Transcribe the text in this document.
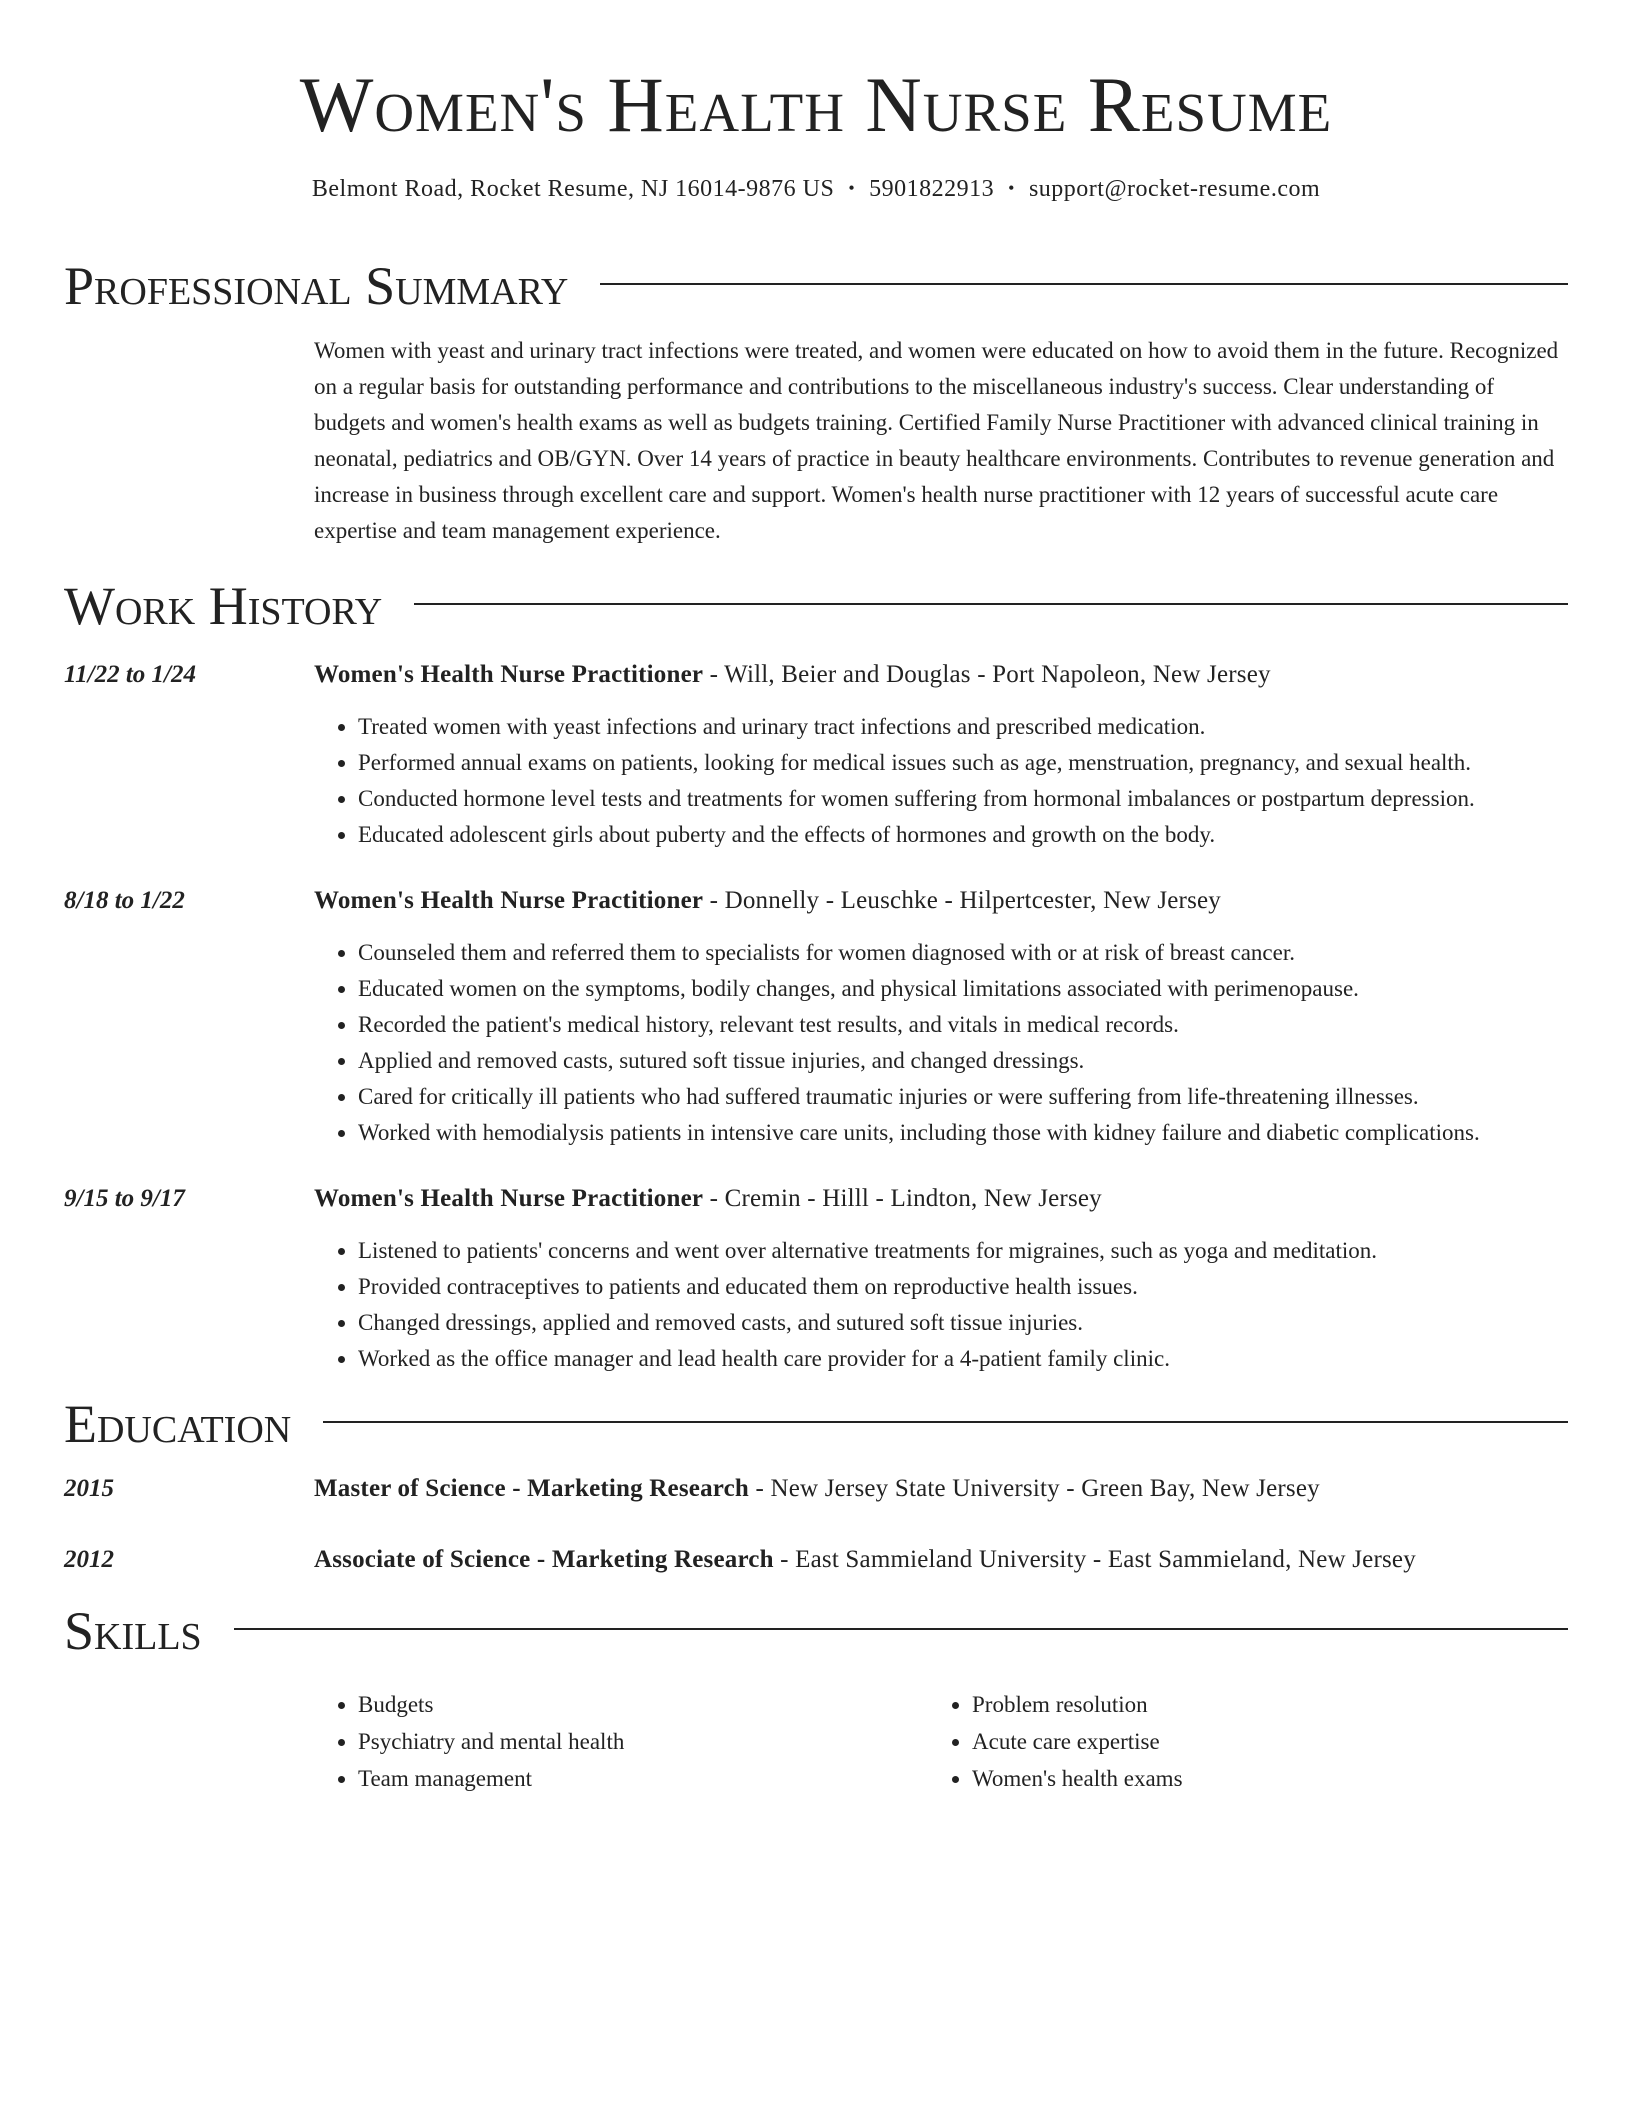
Women's Health Nurse Resume
Belmont Road, Rocket Resume, NJ 16014-9876 US • 5901822913 • support@rocket-resume.com
Professional Summary

Women with yeast and urinary tract infections were treated, and women were educated on how to avoid them in the future. Recognized on a regular basis for outstanding performance and contributions to the miscellaneous industry's success. Clear understanding of budgets and women's health exams as well as budgets training. Certified Family Nurse Practitioner with advanced clinical training in neonatal, pediatrics and OB/GYN. Over 14 years of practice in beauty healthcare environments. Contributes to revenue generation and increase in business through excellent care and support. Women's health nurse practitioner with 12 years of successful acute care expertise and team management experience.

Work History
11/22 to 1/24	Women's Health Nurse Practitioner - Will, Beier and Douglas - Port Napoleon, New Jersey
• Treated women with yeast infections and urinary tract infections and prescribed medication.
• Performed annual exams on patients, looking for medical issues such as age, menstruation, pregnancy, and sexual health.
• Conducted hormone level tests and treatments for women suffering from hormonal imbalances or postpartum depression.
• Educated adolescent girls about puberty and the effects of hormones and growth on the body.
8/18 to 1/22	Women's Health Nurse Practitioner - Donnelly - Leuschke - Hilpertcester, New Jersey
• Counseled them and referred them to specialists for women diagnosed with or at risk of breast cancer.
• Educated women on the symptoms, bodily changes, and physical limitations associated with perimenopause.
• Recorded the patient's medical history, relevant test results, and vitals in medical records.
• Applied and removed casts, sutured soft tissue injuries, and changed dressings.
• Cared for critically ill patients who had suffered traumatic injuries or were suffering from life-threatening illnesses.
• Worked with hemodialysis patients in intensive care units, including those with kidney failure and diabetic complications.
9/15 to 9/17	Women's Health Nurse Practitioner - Cremin - Hilll - Lindton, New Jersey
• Listened to patients' concerns and went over alternative treatments for migraines, such as yoga and meditation.
• Provided contraceptives to patients and educated them on reproductive health issues.
• Changed dressings, applied and removed casts, and sutured soft tissue injuries.
• Worked as the office manager and lead health care provider for a 4-patient family clinic.
Education
2015	Master of Science - Marketing Research - New Jersey State University - Green Bay, New Jersey
2012	Associate of Science - Marketing Research - East Sammieland University - East Sammieland, New Jersey
Skills
• Budgets
• Psychiatry and mental health
• Team management
• Problem resolution
• Acute care expertise
• Women's health exams
